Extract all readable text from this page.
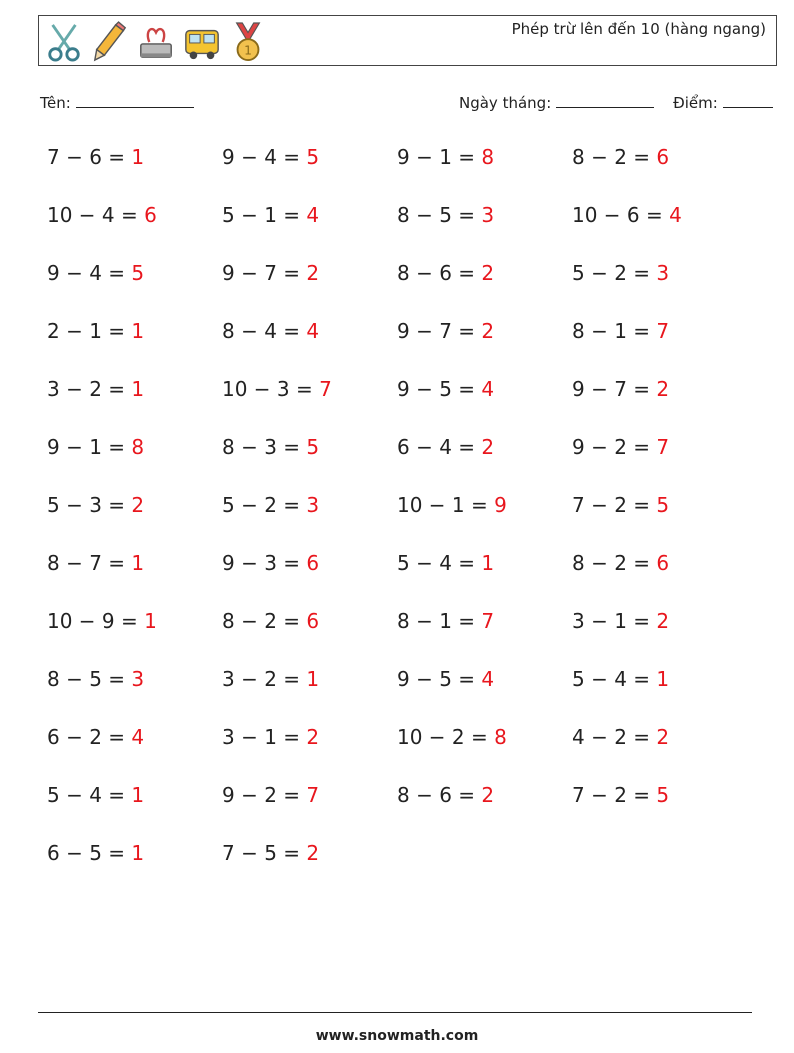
1
Phép trừ lên đến 10 (hàng ngang)
Tên:	Ngày tháng:	Điểm:
7 − 6 = 1	9 − 4 = 5	9 − 1 = 8	8 − 2 = 6
10 − 4 = 6	5 − 1 = 4	8 − 5 = 3	10 − 6 = 4
9 − 4 = 5	9 − 7 = 2	8 − 6 = 2	5 − 2 = 3
2 − 1 = 1	8 − 4 = 4	9 − 7 = 2	8 − 1 = 7
3 − 2 = 1	10 − 3 = 7	9 − 5 = 4	9 − 7 = 2
9 − 1 = 8	8 − 3 = 5	6 − 4 = 2	9 − 2 = 7
5 − 3 = 2	5 − 2 = 3	10 − 1 = 9	7 − 2 = 5
8 − 7 = 1	9 − 3 = 6	5 − 4 = 1	8 − 2 = 6
10 − 9 = 1	8 − 2 = 6	8 − 1 = 7	3 − 1 = 2
8 − 5 = 3	3 − 2 = 1	9 − 5 = 4	5 − 4 = 1
6 − 2 = 4	3 − 1 = 2	10 − 2 = 8	4 − 2 = 2
5 − 4 = 1	9 − 2 = 7	8 − 6 = 2	7 − 2 = 5
6 − 5 = 1	7 − 5 = 2
www.snowmath.com
